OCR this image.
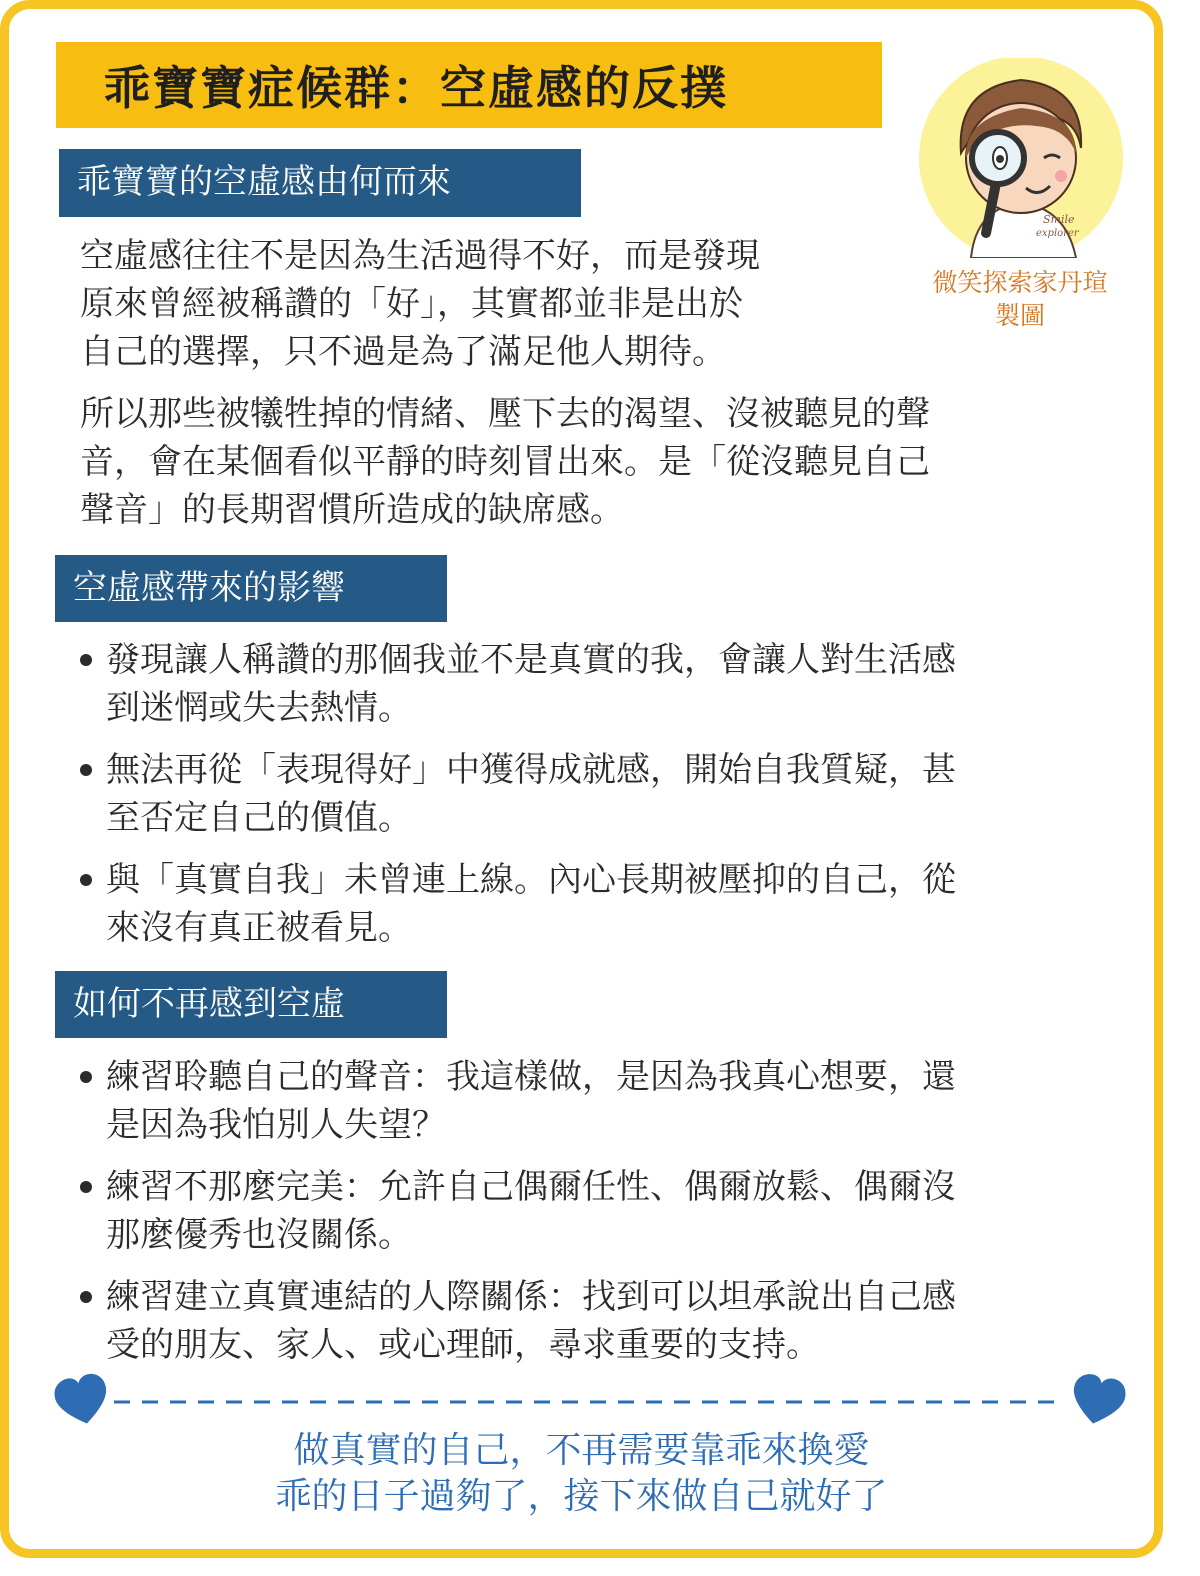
乖寶寶症候群：空虛感的反撲
Smile
explorer
微笑探索家丹瑄
製圖
乖寶寶的空虛感由何而來
空虛感往往不是因為生活過得不好，而是發現
原來曾經被稱讚的「好」，其實都並非是出於
自己的選擇，只不過是為了滿足他人期待。
所以那些被犧牲掉的情緒、壓下去的渴望、沒被聽見的聲
音，會在某個看似平靜的時刻冒出來。是「從沒聽見自己
聲音」的長期習慣所造成的缺席感。
空虛感帶來的影響
發現讓人稱讚的那個我並不是真實的我，會讓人對生活感
到迷惘或失去熱情。
無法再從「表現得好」中獲得成就感，開始自我質疑，甚
至否定自己的價值。
與「真實自我」未曾連上線。內心長期被壓抑的自己，從
來沒有真正被看見。
如何不再感到空虛
練習聆聽自己的聲音：我這樣做，是因為我真心想要，還
是因為我怕別人失望？
練習不那麼完美：允許自己偶爾任性、偶爾放鬆、偶爾沒
那麼優秀也沒關係。
練習建立真實連結的人際關係：找到可以坦承說出自己感
受的朋友、家人、或心理師，尋求重要的支持。
做真實的自己，不再需要靠乖來換愛
乖的日子過夠了，接下來做自己就好了
